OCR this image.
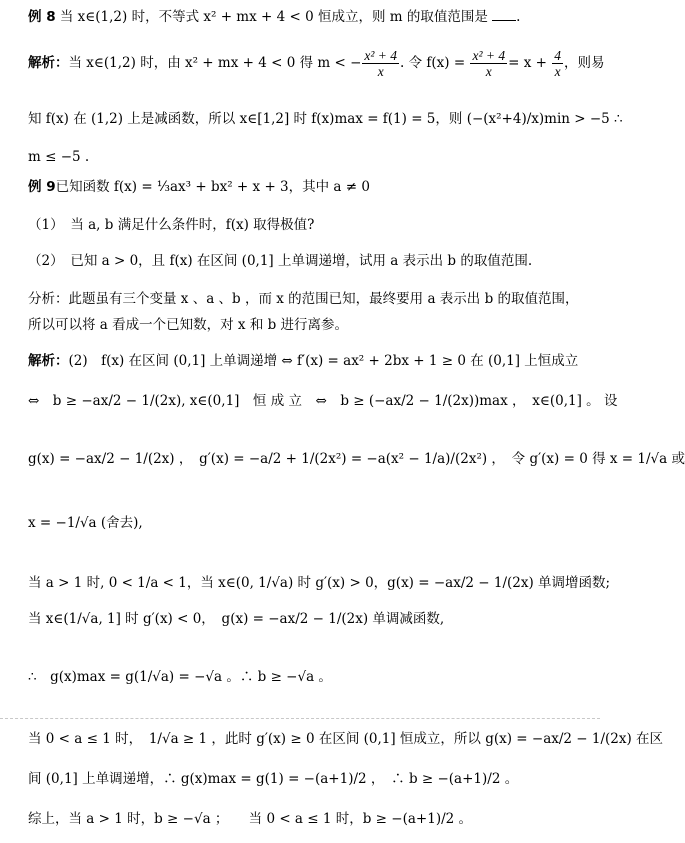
例 8 当 x∈(1,2) 时，不等式 x² + mx + 4 < 0 恒成立，则 m 的取值范围是 .
解析：当 x∈(1,2) 时，由 x² + mx + 4 < 0 得 m < − $\frac{\text{x² + 4}}{x}$ . 令 $f(x) = \frac{\text{x² + 4}}{x} = x + \frac{4}{x}$ ，则易
知 f(x) 在 (1,2) 上是减函数，所以 x∈[1,2] 时 f(x)max = f(1) = 5，则 (−(x²+4)/x)min > −5 ∴
m ≤ −5 .
例 9已知函数 f(x) = ⅓ax³ + bx² + x + 3，其中 a ≠ 0
（1）　当 a, b 满足什么条件时，f(x) 取得极值?
（2）　已知 a > 0，且 f(x) 在区间 (0,1] 上单调递增，试用 a 表示出 b 的取值范围.
分析：此题虽有三个变量 x 、a 、b ，而 x 的范围已知，最终要用 a 表示出 b 的取值范围，
所以可以将 a 看成一个已知数，对 x 和 b 进行离参。
解析：(2)　f(x) 在区间 (0,1] 上单调递增 ⇔ f′(x) = ax² + 2bx + 1 ≥ 0 在 (0,1] 上恒成立
⇔　b ≥ −ax/2 − 1/(2x), x∈(0,1]　恒 成 立　⇔　b ≥ (−ax/2 − 1/(2x))max ，　x∈(0,1] 。 设
g(x) = −ax/2 − 1/(2x) ，　g′(x) = −a/2 + 1/(2x²) = −a(x² − 1/a)/(2x²) ，　令 g′(x) = 0 得 x = 1/√a 或
x = −1/√a (舍去),
当 a > 1 时, 0 < 1/a < 1，当 x∈(0, 1/√a) 时 g′(x) > 0，g(x) = −ax/2 − 1/(2x) 单调增函数;
当 x∈(1/√a, 1] 时 g′(x) < 0，　g(x) = −ax/2 − 1/(2x) 单调减函数,
∴　g(x)max = g(1/√a) = −√a 。∴ b ≥ −√a 。
当 0 < a ≤ 1 时，　1/√a ≥ 1 ，此时 g′(x) ≥ 0 在区间 (0,1] 恒成立，所以 g(x) = −ax/2 − 1/(2x) 在区
间 (0,1] 上单调递增，∴ g(x)max = g(1) = −(a+1)/2 ，　∴ b ≥ −(a+1)/2 。
综上，当 a > 1 时，b ≥ −√a ；　　当 0 < a ≤ 1 时，b ≥ −(a+1)/2 。
